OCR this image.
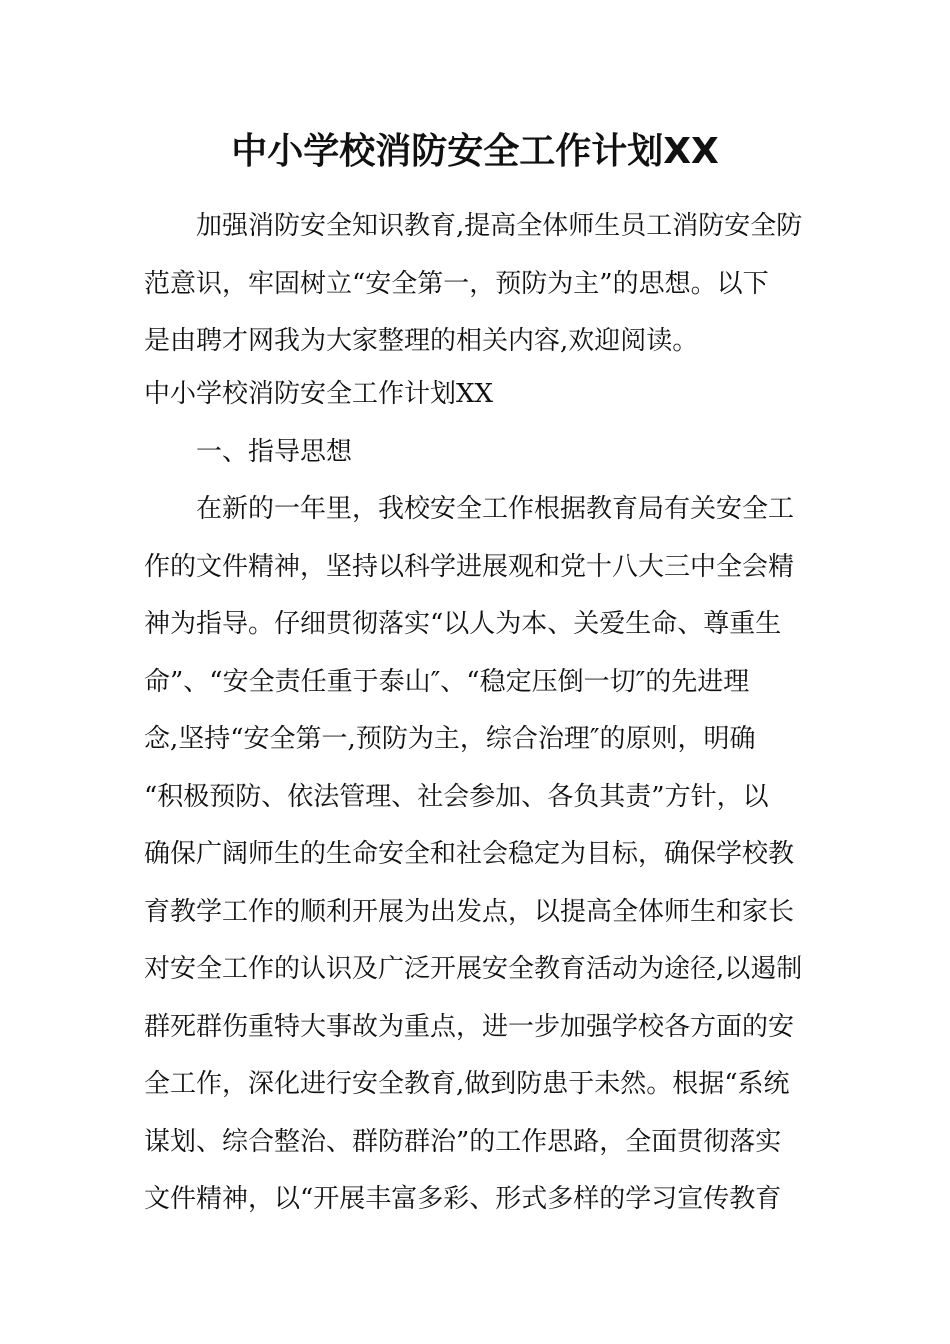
中小学校消防安全工作计划XX
加强消防安全知识教育,提高全体师生员工消防安全防
范意识，牢固树立“安全第一，预防为主”的思想。以下
是由聘才网我为大家整理的相关内容,欢迎阅读。
中小学校消防安全工作计划XX
一、指导思想
在新的一年里，我校安全工作根据教育局有关安全工
作的文件精神，坚持以科学进展观和党十八大三中全会精
神为指导。仔细贯彻落实“以人为本、关爱生命、尊重生
命”、“安全责任重于泰山″、“稳定压倒一切″的先进理
念,坚持“安全第一,预防为主，综合治理″的原则，明确
“积极预防、依法管理、社会参加、各负其责”方针，以
确保广阔师生的生命安全和社会稳定为目标，确保学校教
育教学工作的顺利开展为出发点，以提高全体师生和家长
对安全工作的认识及广泛开展安全教育活动为途径,以遏制
群死群伤重特大事故为重点，进一步加强学校各方面的安
全工作，深化进行安全教育,做到防患于未然。根据“系统
谋划、综合整治、群防群治”的工作思路，全面贯彻落实
文件精神，以“开展丰富多彩、形式多样的学习宣传教育
